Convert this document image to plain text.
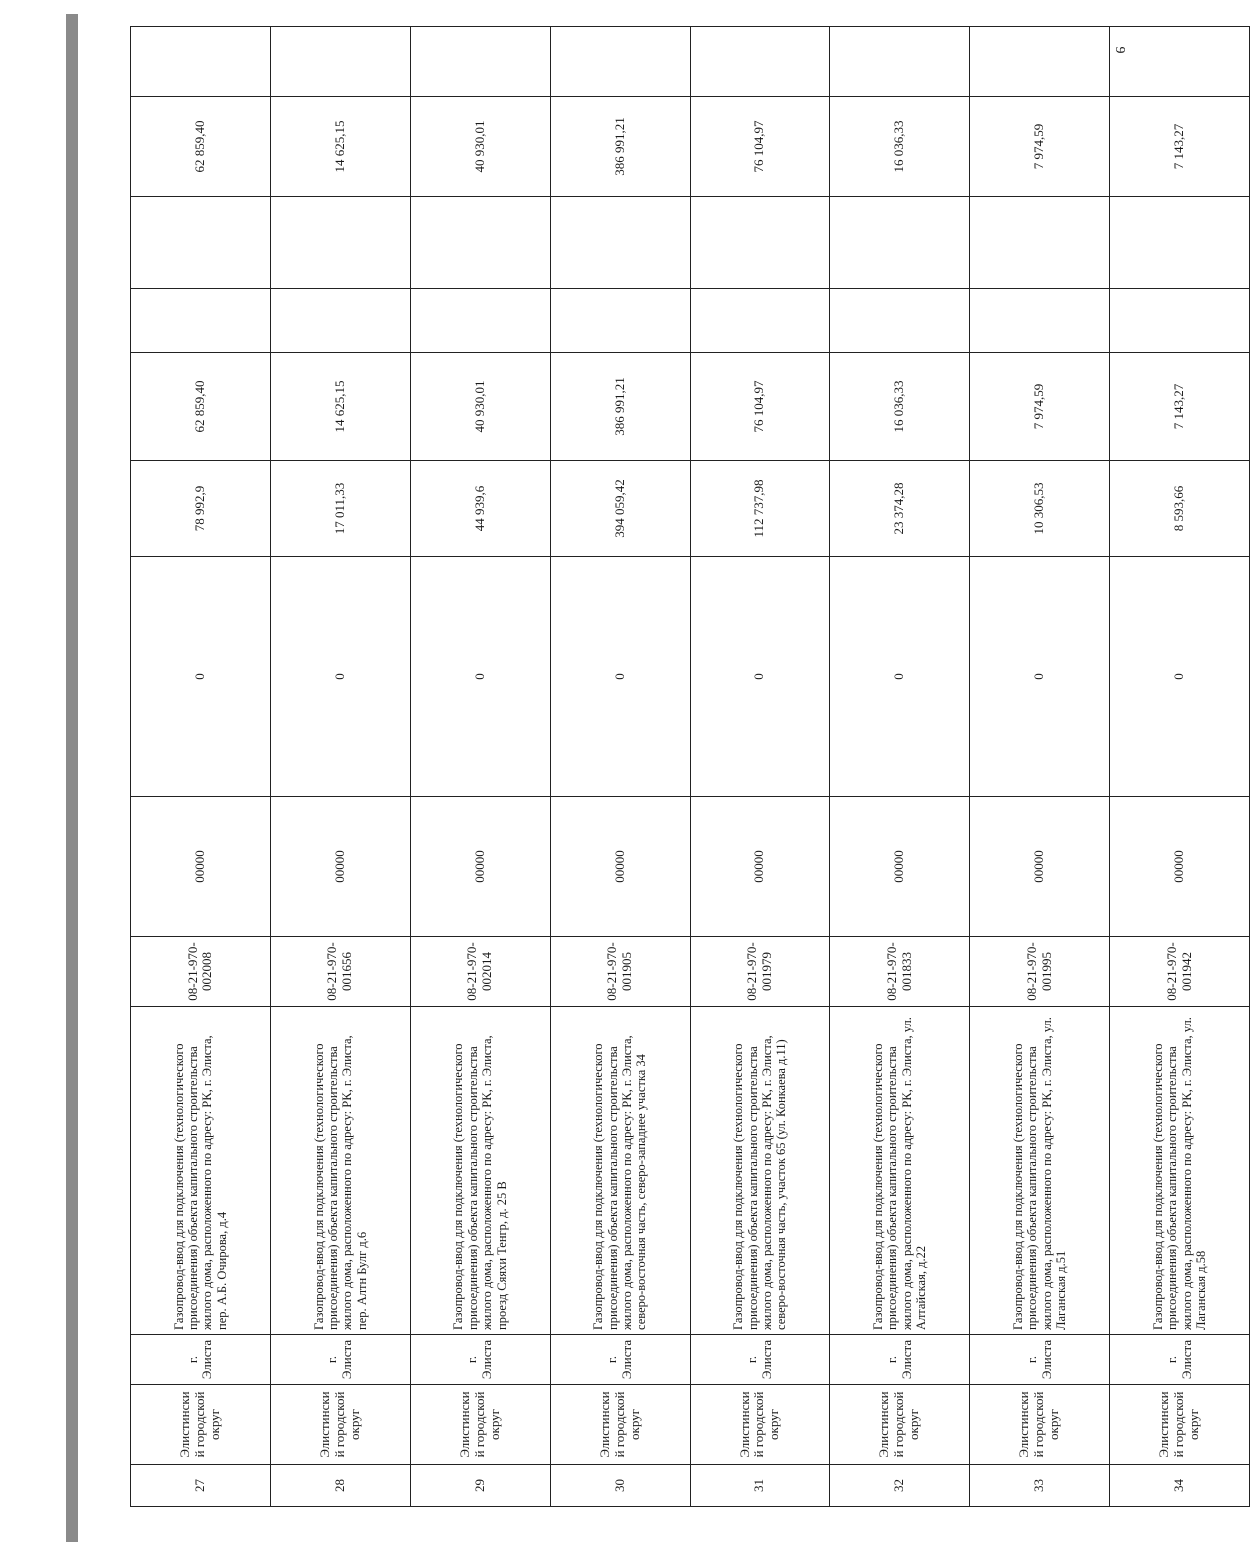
9
27	Элистинский городской округ	г. Элиста	Газопровод-ввод для подключения (технологического присоединения) объекта капитального строительства жилого дома, расположенного по адресу: РК, г. Элиста, пер. А.Б. Очирова, д.4	08-21-970-002008	00000	0	78 992,9	62 859,40			62 859,40	
28	Элистинский городской округ	г. Элиста	Газопровод-ввод для подключения (технологического присоединения) объекта капитального строительства жилого дома, расположенного по адресу: РК, г. Элиста, пер. Алтн Булг д.6	08-21-970-001656	00000	0	17 011,33	14 625,15			14 625,15	
29	Элистинский городской округ	г. Элиста	Газопровод-ввод для подключения (технологического присоединения) объекта капитального строительства жилого дома, расположенного по адресу: РК, г. Элиста, проезд Сяяхи Тенгр, д. 25 В	08-21-970-002014	00000	0	44 939,6	40 930,01			40 930,01	
30	Элистинский городской округ	г. Элиста	Газопровод-ввод для подключения (технологического присоединения) объекта капитального строительства жилого дома, расположенного по адресу: РК, г. Элиста, северо-восточная часть, северо-западнее участка 34	08-21-970-001905	00000	0	394 059,42	386 991,21			386 991,21	
31	Элистинский городской округ	г. Элиста	Газопровод-ввод для подключения (технологического присоединения) объекта капитального строительства жилого дома, расположенного по адресу: РК, г. Элиста, северо-восточная часть, участок 65 (ул. Конкаева д.11)	08-21-970-001979	00000	0	112 737,98	76 104,97			76 104,97	
32	Элистинский городской округ	г. Элиста	Газопровод-ввод для подключения (технологического присоединения) объекта капитального строительства жилого дома, расположенного по адресу: РК, г. Элиста, ул. Алтайская, д.22	08-21-970-001833	00000	0	23 374,28	16 036,33			16 036,33	
33	Элистинский городской округ	г. Элиста	Газопровод-ввод для подключения (технологического присоединения) объекта капитального строительства жилого дома, расположенного по адресу: РК, г. Элиста, ул. Лаганская д.51	08-21-970-001995	00000	0	10 306,53	7 974,59			7 974,59	
34	Элистинский городской округ	г. Элиста	Газопровод-ввод для подключения (технологического присоединения) объекта капитального строительства жилого дома, расположенного по адресу: РК, г. Элиста, ул. Лаганская д.58	08-21-970-001942	00000	0	8 593,66	7 143,27			7 143,27	
